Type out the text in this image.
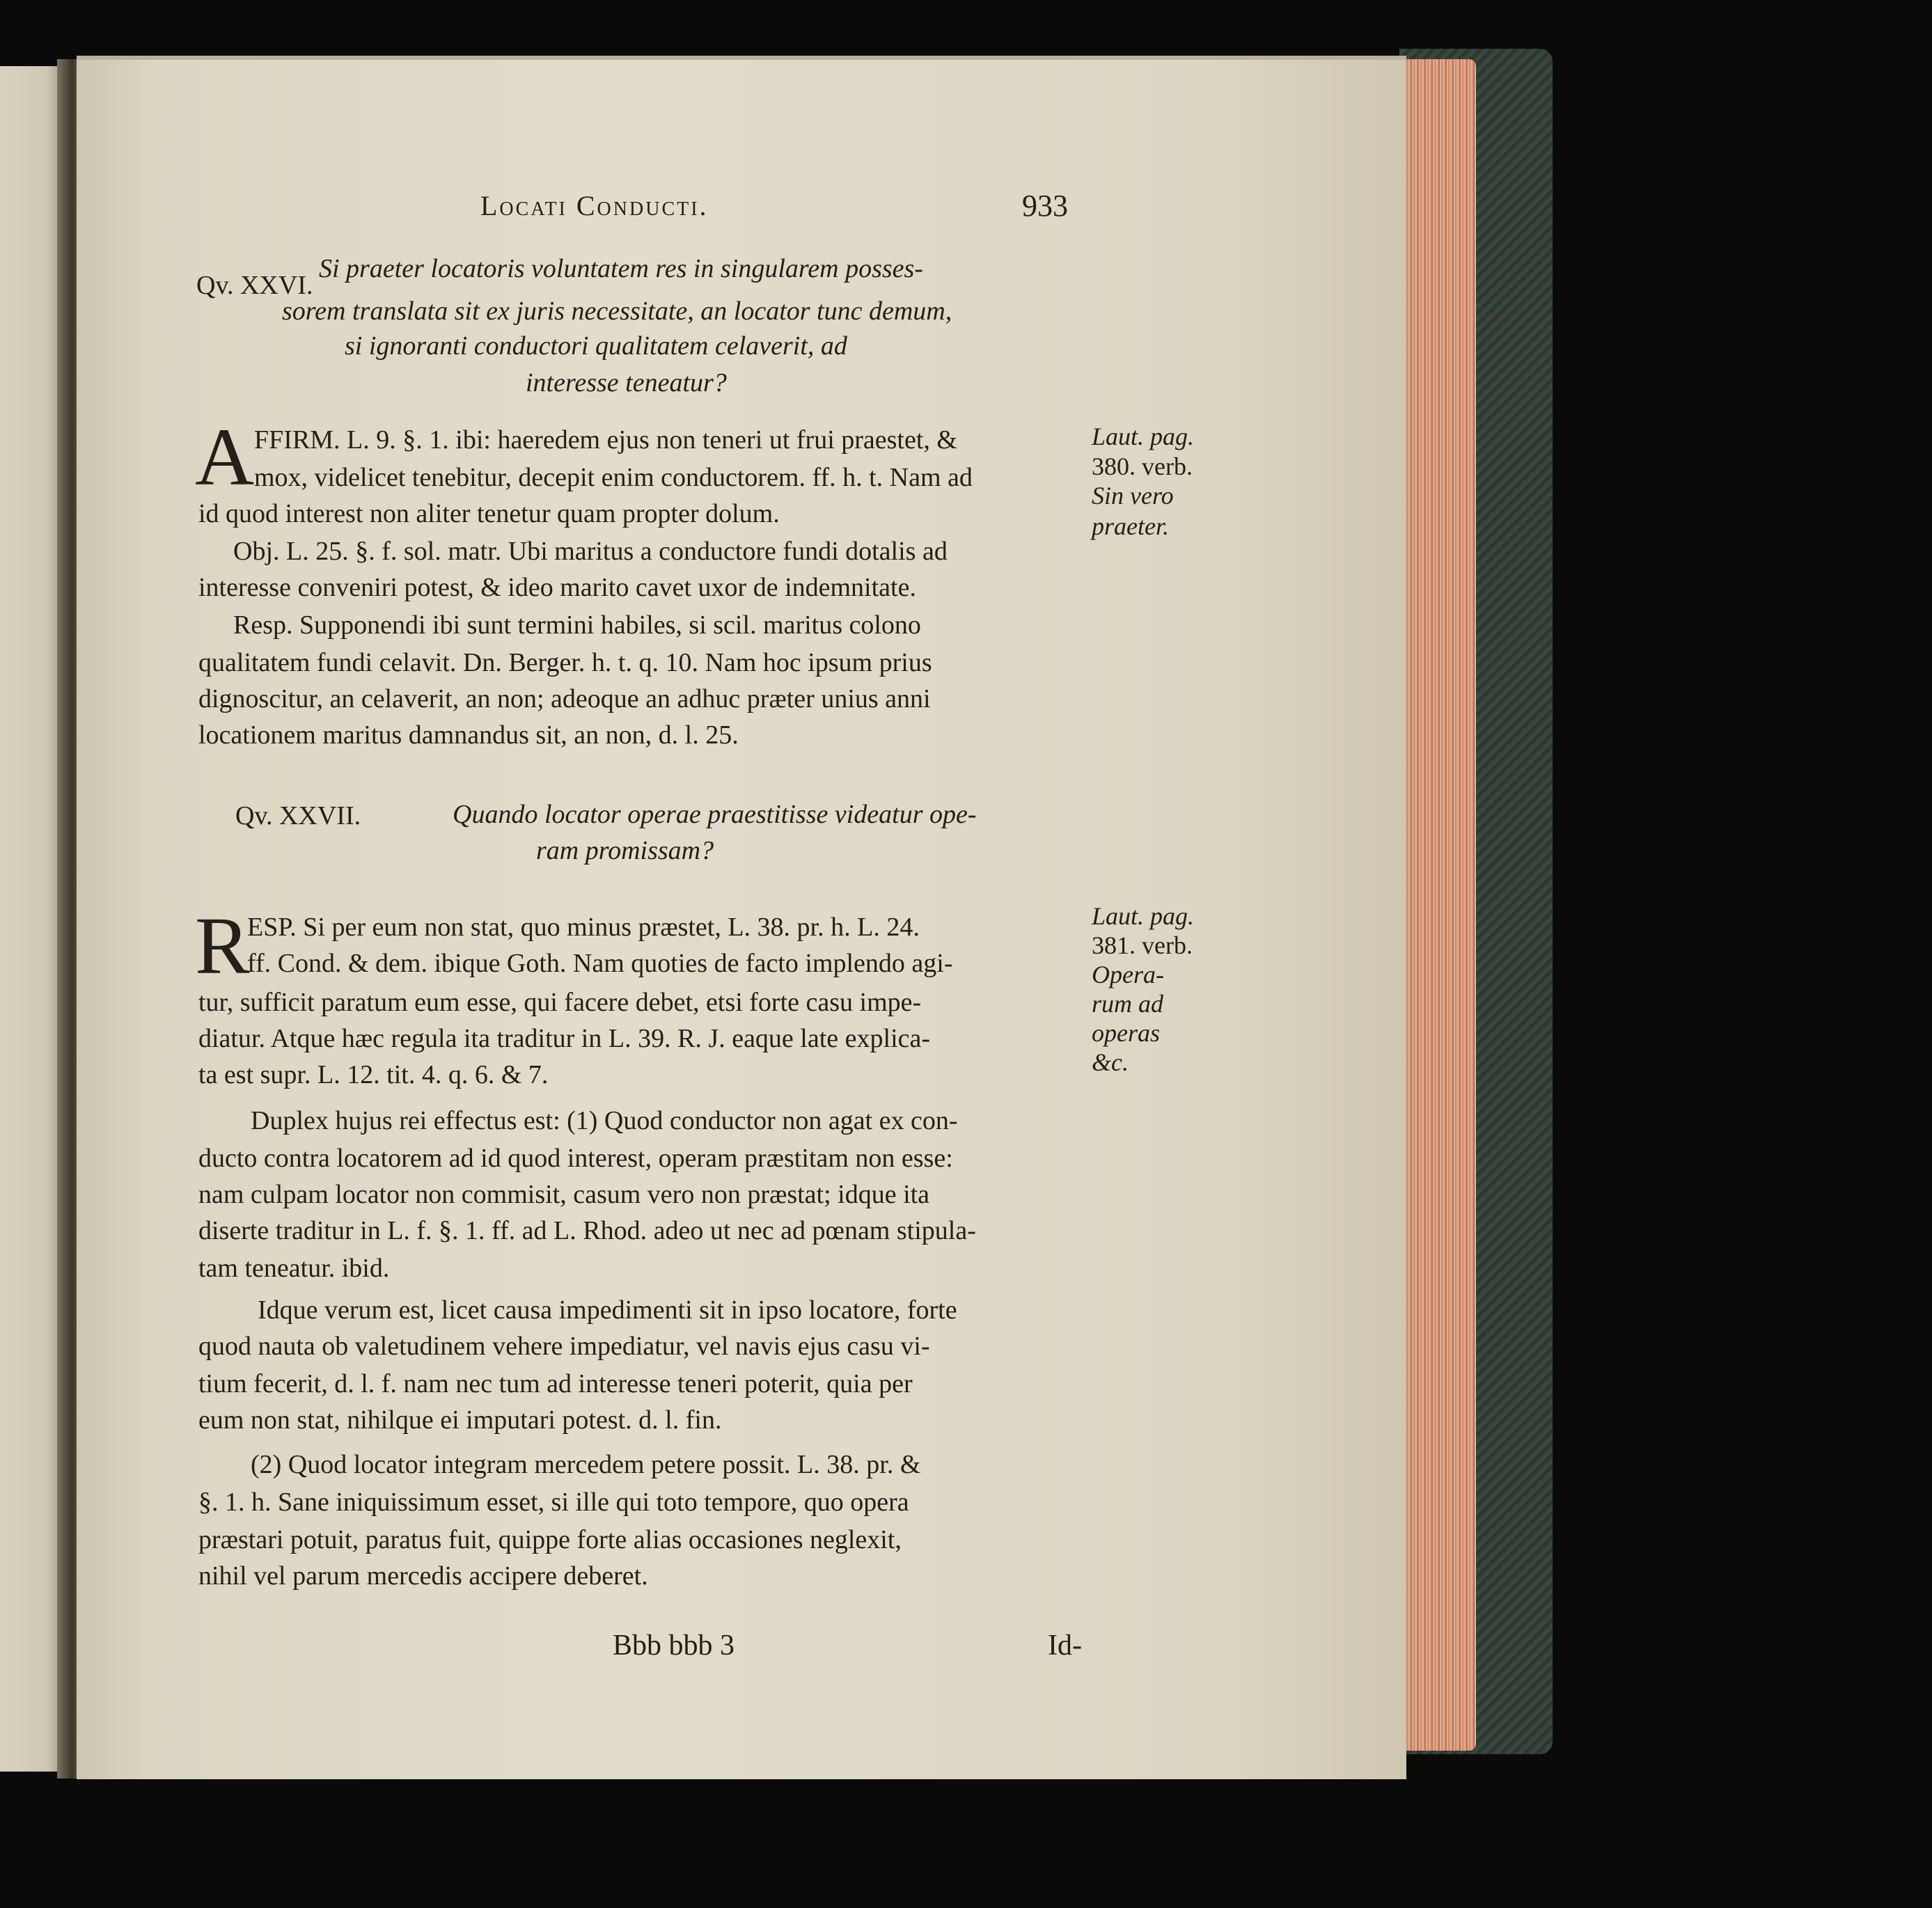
Locati Conducti.	933
Qv. XXVI.
Si praeter locatoris voluntatem res in singularem posses-
sorem translata sit ex juris necessitate, an locator tunc demum,
si ignoranti conductori qualitatem celaverit, ad
interesse teneatur?
A FFIRM. L. 9. §. 1. ibi: haeredem ejus non teneri ut frui praestet, &
mox, videlicet tenebitur, decepit enim conductorem. ff. h. t. Nam ad
id quod interest non aliter tenetur quam propter dolum.
Laut. pag.
380. verb.
Sin vero
praeter.
Obj. L. 25. §. f. sol. matr. Ubi maritus a conductore fundi dotalis ad
interesse conveniri potest, & ideo marito cavet uxor de indemnitate.
Resp. Supponendi ibi sunt termini habiles, si scil. maritus colono
qualitatem fundi celavit. Dn. Berger. h. t. q. 10. Nam hoc ipsum prius
dignoscitur, an celaverit, an non; adeoque an adhuc præter unius anni
locationem maritus damnandus sit, an non, d. l. 25.
Qv. XXVII.	Quando locator operae praestitisse videatur ope-
ram promissam?
R
ESP. Si per eum non stat, quo minus præstet, L. 38. pr. h. L. 24.
ff. Cond. & dem. ibique Goth. Nam quoties de facto implendo agi-
tur, sufficit paratum eum esse, qui facere debet, etsi forte casu impe-
diatur. Atque hæc regula ita traditur in L. 39. R. J. eaque late explica-
ta est supr. L. 12. tit. 4. q. 6. & 7.
Laut. pag.
381. verb.
Opera-
rum ad
operas
&c.
Duplex hujus rei effectus est: (1) Quod conductor non agat ex con-
ducto contra locatorem ad id quod interest, operam præstitam non esse:
nam culpam locator non commisit, casum vero non præstat; idque ita
diserte traditur in L. f. §. 1. ff. ad L. Rhod. adeo ut nec ad pœnam stipula-
tam teneatur. ibid.
Idque verum est, licet causa impedimenti sit in ipso locatore, forte
quod nauta ob valetudinem vehere impediatur, vel navis ejus casu vi-
tium fecerit, d. l. f. nam nec tum ad interesse teneri poterit, quia per
eum non stat, nihilque ei imputari potest. d. l. fin.
(2) Quod locator integram mercedem petere possit. L. 38. pr. &
§. 1. h. Sane iniquissimum esset, si ille qui toto tempore, quo opera
præstari potuit, paratus fuit, quippe forte alias occasiones neglexit,
nihil vel parum mercedis accipere deberet.
Bbb bbb 3	Id-
